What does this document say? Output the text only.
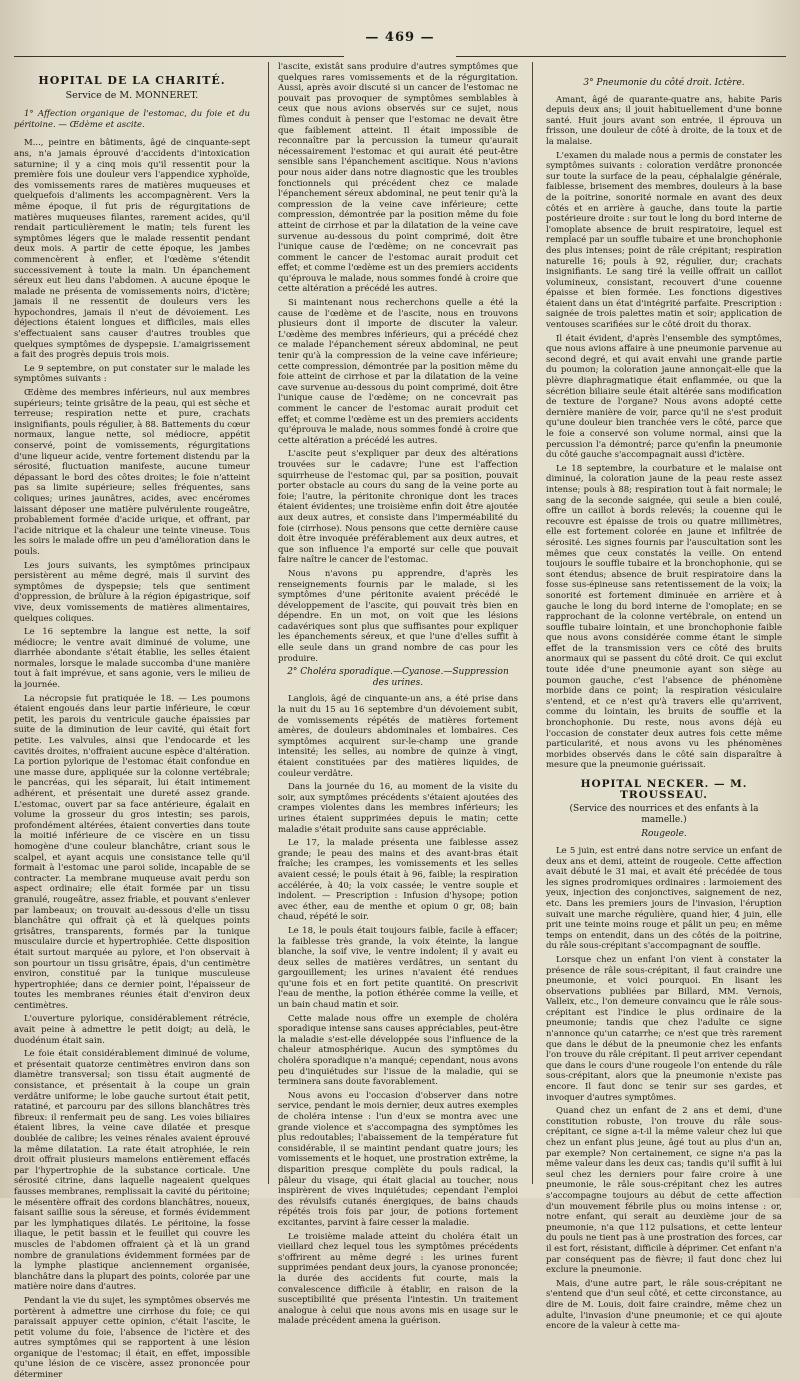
— 469 —
HOPITAL DE LA CHARITÉ.
Service de M. MONNERET.
1° Affection organique de l'estomac, du foie et du péritoine. — Œdème et ascite.

M..., peintre en bâtiments, âgé de cinquante-sept ans, n'a jamais éprouvé d'accidents d'intoxication saturnine; il y a cinq mois qu'il ressentit pour la première fois une douleur vers l'appendice xyphoïde, des vomissements rares de matières muqueuses et quelquefois d'aliments les accompagnèrent. Vers la même époque, il fut pris de régurgitations de matières muqueuses filantes, rarement acides, qu'il rendait particulièrement le matin; tels furent les symptômes légers que le malade ressentit pendant deux mois. A partir de cette époque, les jambes commencèrent à enfler, et l'œdème s'étendit successivement à toute la main. Un épanchement séreux eut lieu dans l'abdomen. A aucune époque le malade ne présenta de vomissements noirs, d'ictère; jamais il ne ressentit de douleurs vers les hypochondres, jamais il n'eut de dévoiement. Les déjections étaient longues et difficiles, mais elles s'effectuaient sans causer d'autres troubles que quelques symptômes de dyspepsie. L'amaigrissement a fait des progrès depuis trois mois.

Le 9 septembre, on put constater sur le malade les symptômes suivants :

Œdème des membres inférieurs, nul aux membres supérieurs; teinte grisâtre de la peau, qui est sèche et terreuse; respiration nette et pure, crachats insignifiants, pouls régulier, à 88. Battements du cœur normaux, langue nette, sol médiocre, appétit conservé, point de vomissements, régurgitations d'une liqueur acide, ventre fortement distendu par la sérosité, fluctuation manifeste, aucune tumeur dépassant le bord des côtes droites; le foie n'atteint pas sa limite supérieure; selles fréquentes, sans coliques; urines jaunâtres, acides, avec encéromes laissant déposer une matière pulvérulente rougeâtre, probablement formée d'acide urique, et offrant, par l'acide nitrique et la chaleur une teinte vineuse. Tous les soirs le malade offre un peu d'amélioration dans le pouls.

Les jours suivants, les symptômes principaux persistèrent au même degré, mais il survint des symptômes de dyspepsie; tels que sentiment d'oppression, de brûlure à la région épigastrique, soif vive, deux vomissements de matières alimentaires, quelques coliques.

Le 16 septembre la langue est nette, la soif médiocre; le ventre avait diminué de volume, une diarrhée abondante s'était établie, les selles étaient normales, lorsque le malade succomba d'une manière tout à fait imprévue, et sans agonie, vers le milieu de la journée.

La nécropsie fut pratiquée le 18. — Les poumons étaient engoués dans leur partie inférieure, le cœur petit, les parois du ventricule gauche épaissies par suite de la diminution de leur cavité, qui était fort petite. Les valvules, ainsi que l'endocarde et les cavités droites, n'offraient aucune espèce d'altération. La portion pylorique de l'estomac était confondue en une masse dure, appliquée sur la colonne vertébrale; le pancréas, qui les séparait, lui était intimement adhérent, et présentait une dureté assez grande. L'estomac, ouvert par sa face antérieure, égalait en volume la grosseur du gros intestin; ses parois, profondément altérées, étaient converties dans toute la moitié inférieure de ce viscère en un tissu homogène d'une couleur blanchâtre, criant sous le scalpel, et ayant acquis une consistance telle qu'il formait à l'estomac une paroi solide, incapable de se contracter. La membrane muqueuse avait perdu son aspect ordinaire; elle était formée par un tissu granulé, rougeâtre, assez friable, et pouvant s'enlever par lambeaux; on trouvait au-dessous d'elle un tissu blanchâtre qui offrait çà et là quelques points grisâtres, transparents, formés par la tunique musculaire durcie et hypertrophiée. Cette disposition était surtout marquée au pylore, et l'on observait à son pourtour un tissu grisâtre, épais, d'un centimètre environ, constitué par la tunique musculeuse hypertrophiée; dans ce dernier point, l'épaisseur de toutes les membranes réunies était d'environ deux centimètres.

L'ouverture pylorique, considérablement rétrécie, avait peine à admettre le petit doigt; au delà, le duodénum était sain.

Le foie était considérablement diminué de volume, et présentait quatorze centimètres environ dans son diamètre transversal; son tissu était augmenté de consistance, et présentait à la coupe un grain verdâtre uniforme; le lobe gauche surtout était petit, ratatiné, et parcouru par des sillons blanchâtres très fibreux: il renfermait peu de sang. Les voies biliaires étaient libres, la veine cave dilatée et presque doublée de calibre; les veines rénales avaient éprouvé la même dilatation. La rate était atrophiée, le rein droit offrait plusieurs mamelons entièrement effacés par l'hypertrophie de la substance corticale. Une sérosité citrine, dans laquelle nageaient quelques fausses membranes, remplissait la cavité du péritoine; le mésentère offrait des cordons blanchâtres, noueux, faisant saillie sous la séreuse, et formés évidemment par les lymphatiques dilatés. Le péritoine, la fosse iliaque, le petit bassin et le feuillet qui couvre les muscles de l'abdomen offraient çà et là un grand nombre de granulations évidemment formées par de la lymphe plastique anciennement organisée, blanchâtre dans la plupart des points, colorée par une matière noire dans d'autres.

Pendant la vie du sujet, les symptômes observés me portèrent à admettre une cirrhose du foie; ce qui paraissait appuyer cette opinion, c'était l'ascite, le petit volume du foie, l'absence de l'ictère et des autres symptômes qui se rapportent à une lésion organique de l'estomac; il était, en effet, impossible qu'une lésion de ce viscère, assez prononcée pour déterminer

l'ascite, existât sans produire d'autres symptômes que quelques rares vomissements et de la régurgitation. Aussi, après avoir discuté si un cancer de l'estomac ne pouvait pas provoquer de symptômes semblables à ceux que nous avions observés sur ce sujet, nous fûmes conduit à penser que l'estomac ne devait être que faiblement atteint. Il était impossible de reconnaître par la percussion la tumeur qu'aurait nécessairement l'estomac et qui aurait été peut-être sensible sans l'épanchement ascitique. Nous n'avions pour nous aider dans notre diagnostic que les troubles fonctionnels qui précédent chez ce malade l'épanchement séreux abdominal, ne peut tenir qu'à la compression de la veine cave inférieure; cette compression, démontrée par la position même du foie atteint de cirrhose et par la dilatation de la veine cave survenue au-dessous du point comprimé, doit être l'unique cause de l'œdème; on ne concevrait pas comment le cancer de l'estomac aurait produit cet effet; et comme l'œdème est un des premiers accidents qu'éprouva le malade, nous sommes fondé à croire que cette altération a précédé les autres.

Si maintenant nous recherchons quelle a été la cause de l'œdème et de l'ascite, nous en trouvons plusieurs dont il importe de discuter la valeur. L'œdème des membres inférieurs, qui a précédé chez ce malade l'épanchement séreux abdominal, ne peut tenir qu'à la compression de la veine cave inférieure; cette compression, démontrée par la position même du foie atteint de cirrhose et par la dilatation de la veine cave survenue au-dessous du point comprimé, doit être l'unique cause de l'œdème; on ne concevrait pas comment le cancer de l'estomac aurait produit cet effet; et comme l'œdème est un des premiers accidents qu'éprouva le malade, nous sommes fondé à croire que cette altération a précédé les autres.

L'ascite peut s'expliquer par deux des altérations trouvées sur le cadavre; l'une est l'affection squirrheuse de l'estomac qui, par sa position, pouvait porter obstacle au cours du sang de la veine porte au foie; l'autre, la péritonite chronique dont les traces étaient évidentes; une troisième enfin doit être ajoutée aux deux autres, et consiste dans l'imperméabilité du foie (cirrhose). Nous pensons que cette dernière cause doit être invoquée préférablement aux deux autres, et que son influence l'a emporté sur celle que pouvait faire naître le cancer de l'estomac.

Nous n'avons pu apprendre, d'après les renseignements fournis par le malade, si les symptômes d'une péritonite avaient précédé le développement de l'ascite, qui pouvait très bien en dépendre. En un mot, on voit que les lésions cadavériques sont plus que suffisantes pour expliquer les épanchements séreux, et que l'une d'elles suffit à elle seule dans un grand nombre de cas pour les produire.

2° Choléra sporadique.—Cyanose.—Suppression des urines.

Langlois, âgé de cinquante-un ans, a été prise dans la nuit du 15 au 16 septembre d'un dévoiement subit, de vomissements répétés de matières fortement amères, de douleurs abdominales et lombaires. Ces symptômes acquirent sur-le-champ une grande intensité; les selles, au nombre de quinze à vingt, étaient constituées par des matières liquides, de couleur verdâtre.

Dans la journée du 16, au moment de la visite du soir, aux symptômes précédents s'étaient ajoutées des crampes violentes dans les membres inférieurs; les urines étaient supprimées depuis le matin; cette maladie s'était produite sans cause appréciable.

Le 17, la malade présenta une faiblesse assez grande; le peau des mains et des avant-bras était fraîche; les crampes, les vomissements et les selles avaient cessé; le pouls était à 96, faible; la respiration accélérée, à 40; la voix cassée; le ventre souple et indolent. — Prescription : Infusion d'hysope; potion avec éther, eau de menthe et opium 0 gr, 08; bain chaud, répété le soir.

Le 18, le pouls était toujours faible, facile à effacer; la faiblesse très grande, la voix éteinte, la langue blanche, la soif vive, le ventre indolent; il y avait eu deux selles de matières verdâtres, un sentant du gargouillement; les urines n'avaient été rendues qu'une fois et en fort petite quantité. On prescrivit l'eau de menthe, la potion éthérée comme la veille, et un bain chaud matin et soir.

Cette malade nous offre un exemple de choléra sporadique intense sans causes appréciables, peut-être la maladie s'est-elle développée sous l'influence de la chaleur atmosphérique. Aucun des symptômes du choléra sporadique n'a manqué; cependant, nous avons peu d'inquiétudes sur l'issue de la maladie, qui se terminera sans doute favorablement.

Nous avons eu l'occasion d'observer dans notre service, pendant le mois dernier, deux autres exemples de choléra intense : l'un d'eux se montra avec une grande violence et s'accompagna des symptômes les plus redoutables; l'abaissement de la température fut considérable, il se maintint pendant quatre jours; les vomissements et le hoquet, une prostration extrême, la disparition presque complète du pouls radical, la pâleur du visage, qui était glacial au toucher, nous inspirèrent de vives inquiétudes; cependant l'emploi des révulsifs cutanés énergiques, de bains chauds répétés trois fois par jour, de potions fortement excitantes, parvint à faire cesser la maladie.

Le troisième malade atteint du choléra était un vieillard chez lequel tous les symptômes précédents s'offrirent au même degré : les urines furent supprimées pendant deux jours, la cyanose prononcée; la durée des accidents fut courte, mais la convalescence difficile à établir, en raison de la susceptibilité que présenta l'intestin. Un traitement analogue à celui que nous avons mis en usage sur le malade précédent amena la guérison.

3° Pneumonie du côté droit. Ictère.

Amant, âgé de quarante-quatre ans, habite Paris depuis deux ans; il jouit habituellement d'une bonne santé. Huit jours avant son entrée, il éprouva un frisson, une douleur de côté à droite, de la toux et de la malaise.

L'examen du malade nous a permis de constater les symptômes suivants : coloration verdâtre prononcée sur toute la surface de la peau, céphalalgie générale, faiblesse, brisement des membres, douleurs à la base de la poitrine, sonorité normale en avant des deux côtés et en arrière à gauche, dans toute la partie postérieure droite : sur tout le long du bord interne de l'omoplate absence de bruit respiratoire, lequel est remplacé par un souffle tubaire et une bronchophonie des plus intenses; point de râle crépitant; respiration naturelle 16; pouls à 92, régulier, dur; crachats insignifiants. Le sang tiré la veille offrait un caillot volumineux, consistant, recouvert d'une couenne épaisse et bien formée. Les fonctions digestives étaient dans un état d'intégrité parfaite. Prescription : saignée de trois palettes matin et soir; application de ventouses scarifiées sur le côté droit du thorax.

Il était évident, d'après l'ensemble des symptômes, que nous avions affaire à une pneumonie parvenue au second degré, et qui avait envahi une grande partie du poumon; la coloration jaune annonçait-elle que la plèvre diaphragmatique était enflammée, ou que la sécrétion biliaire seule était altérée sans modification de texture de l'organe? Nous avons adopté cette dernière manière de voir, parce qu'il ne s'est produit qu'une douleur bien tranchée vers le côté, parce que le foie a conservé son volume normal, ainsi que la percussion l'a démontré; parce qu'enfin la pneumonie du côté gauche s'accompagnait aussi d'ictère.

Le 18 septembre, la courbature et le malaise ont diminué, la coloration jaune de la peau reste assez intense; pouls à 88; respiration tout à fait normale; le sang de la seconde saignée, qui seule a bien coulé, offre un caillot à bords relevés; la couenne qui le recouvre est épaisse de trois ou quatre millimètres, elle est fortement colorée en jaune et infiltrée de sérosité. Les signes fournis par l'auscultation sont les mêmes que ceux constatés la veille. On entend toujours le souffle tubaire et la bronchophonie, qui se sont étendus; absence de bruit respiratoire dans la fosse sus-épineuse sans retentissement de la voix; la sonorité est fortement diminuée en arrière et à gauche le long du bord interne de l'omoplate; en se rapprochant de la colonne vertébrale, on entend un souffle tubaire lointain, et une bronchophonie faible que nous avons considérée comme étant le simple effet de la transmission vers ce côté des bruits anormaux qui se passent du côté droit. Ce qui exclut toute idée d'une pneumonie ayant son siège au poumon gauche, c'est l'absence de phénomène morbide dans ce point; la respiration vésiculaire s'entend, et ce n'est qu'à travers elle qu'arrivent, comme du lointain, les bruits de souffle et la bronchophonie. Du reste, nous avons déjà eu l'occasion de constater deux autres fois cette même particularité, et nous avons vu les phénomènes morbides observés dans le côté sain disparaître à mesure que la pneumonie guérissait.

HOPITAL NECKER. — M. TROUSSEAU.
(Service des nourrices et des enfants à la mamelle.)
Rougeole.

Le 5 juin, est entré dans notre service un enfant de deux ans et demi, atteint de rougeole. Cette affection avait débuté le 31 mai, et avait été précédée de tous les signes prodromiques ordinaires : larmoiement des yeux, injection des conjonctives, saignement de nez, etc. Dans les premiers jours de l'invasion, l'éruption suivait une marche régulière, quand hier, 4 juin, elle prit une teinte moins rouge et pâlit un peu; en même temps on entendit, dans un des côtés de la poitrine, du râle sous-crépitant s'accompagnant de souffle.

Lorsque chez un enfant l'on vient à constater la présence de râle sous-crépitant, il faut craindre une pneumonie, et voici pourquoi. En lisant les observations publiées par Billard, MM. Vernois, Valleix, etc., l'on demeure convaincu que le râle sous-crépitant est l'indice le plus ordinaire de la pneumonie; tandis que chez l'adulte ce signe n'annonce qu'un catarrhe; ce n'est que très rarement que dans le début de la pneumonie chez les enfants l'on trouve du râle crépitant. Il peut arriver cependant que dans le cours d'une rougeole l'on entende du râle sous-crépitant, alors que la pneumonie n'existe pas encore. Il faut donc se tenir sur ses gardes, et invoquer d'autres symptômes.

Quand chez un enfant de 2 ans et demi, d'une constitution robuste, l'on trouve du râle sous-crépitant, ce signe a-t-il la même valeur chez lui que chez un enfant plus jeune, âgé tout au plus d'un an, par exemple? Non certainement, ce signe n'a pas la même valeur dans les deux cas; tandis qu'il suffit à lui seul chez les derniers pour faire croire à une pneumonie, le râle sous-crépitant chez les autres s'accompagne toujours au début de cette affection d'un mouvement fébrile plus ou moins intense : or, notre enfant, qui serait au deuxième jour de sa pneumonie, n'a que 112 pulsations, et cette lenteur du pouls ne tient pas à une prostration des forces, car il est fort, résistant, difficile à déprimer. Cet enfant n'a par conséquent pas de fièvre; il faut donc chez lui exclure la pneumonie.

Mais, d'une autre part, le râle sous-crépitant ne s'entend que d'un seul côté, et cette circonstance, au dire de M. Louis, doit faire craindre, même chez un adulte, l'invasion d'une pneumonie; et ce qui ajoute encore de la valeur à cette ma-
